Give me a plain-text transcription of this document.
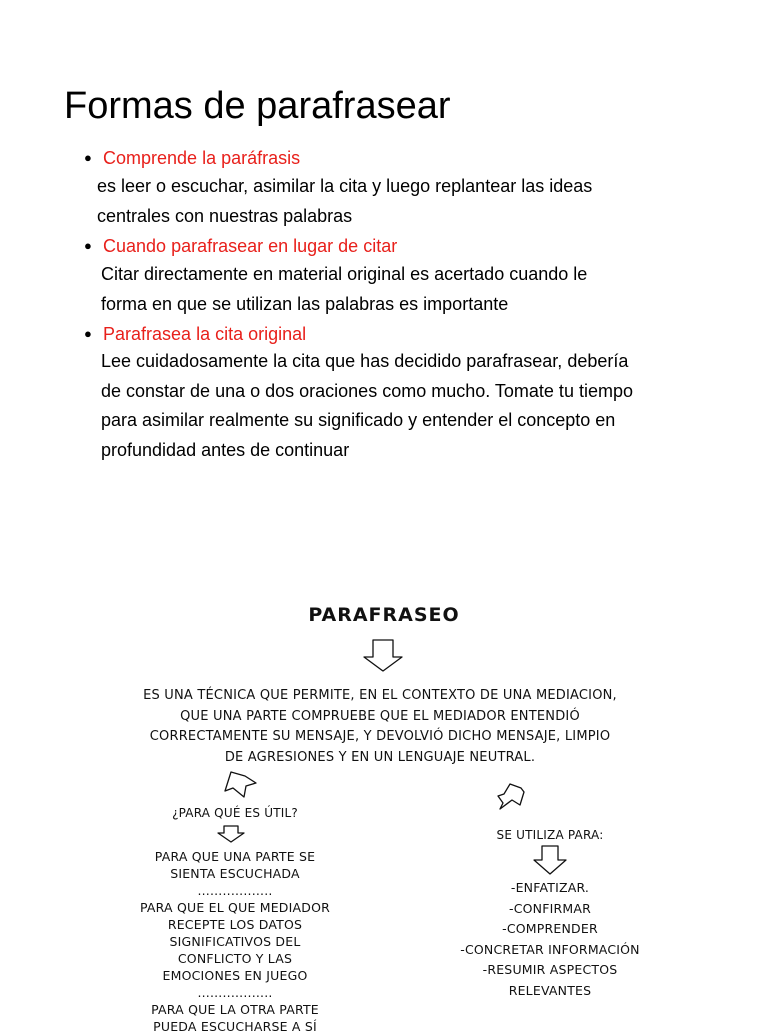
Formas de parafrasear
● Comprende la paráfrasis
es leer o escuchar, asimilar la cita y luego replantear las ideas
centrales con nuestras palabras
● Cuando parafrasear en lugar de citar
Citar directamente en material original es acertado cuando le
forma en que se utilizan las palabras es importante
● Parafrasea la cita original
Lee cuidadosamente la cita que has decidido parafrasear, debería
de constar de una o dos oraciones como mucho. Tomate tu tiempo
para asimilar realmente su significado y entender el concepto en
profundidad antes de continuar
PARAFRASEO
ES UNA TÉCNICA QUE PERMITE, EN EL CONTEXTO DE UNA MEDIACION,
QUE UNA PARTE COMPRUEBE QUE EL MEDIADOR ENTENDIÓ
CORRECTAMENTE SU MENSAJE, Y DEVOLVIÓ DICHO MENSAJE, LIMPIO
DE AGRESIONES Y EN UN LENGUAJE NEUTRAL.
¿PARA QUÉ ES ÚTIL?
PARA QUE UNA PARTE SE
SIENTA ESCUCHADA
..................
PARA QUE EL QUE MEDIADOR
RECEPTE LOS DATOS
SIGNIFICATIVOS DEL
CONFLICTO Y LAS
EMOCIONES EN JUEGO
..................
PARA QUE LA OTRA PARTE
PUEDA ESCUCHARSE A SÍ
SE UTILIZA PARA:
-ENFATIZAR.
-CONFIRMAR
-COMPRENDER
-CONCRETAR INFORMACIÓN
-RESUMIR ASPECTOS
RELEVANTES
